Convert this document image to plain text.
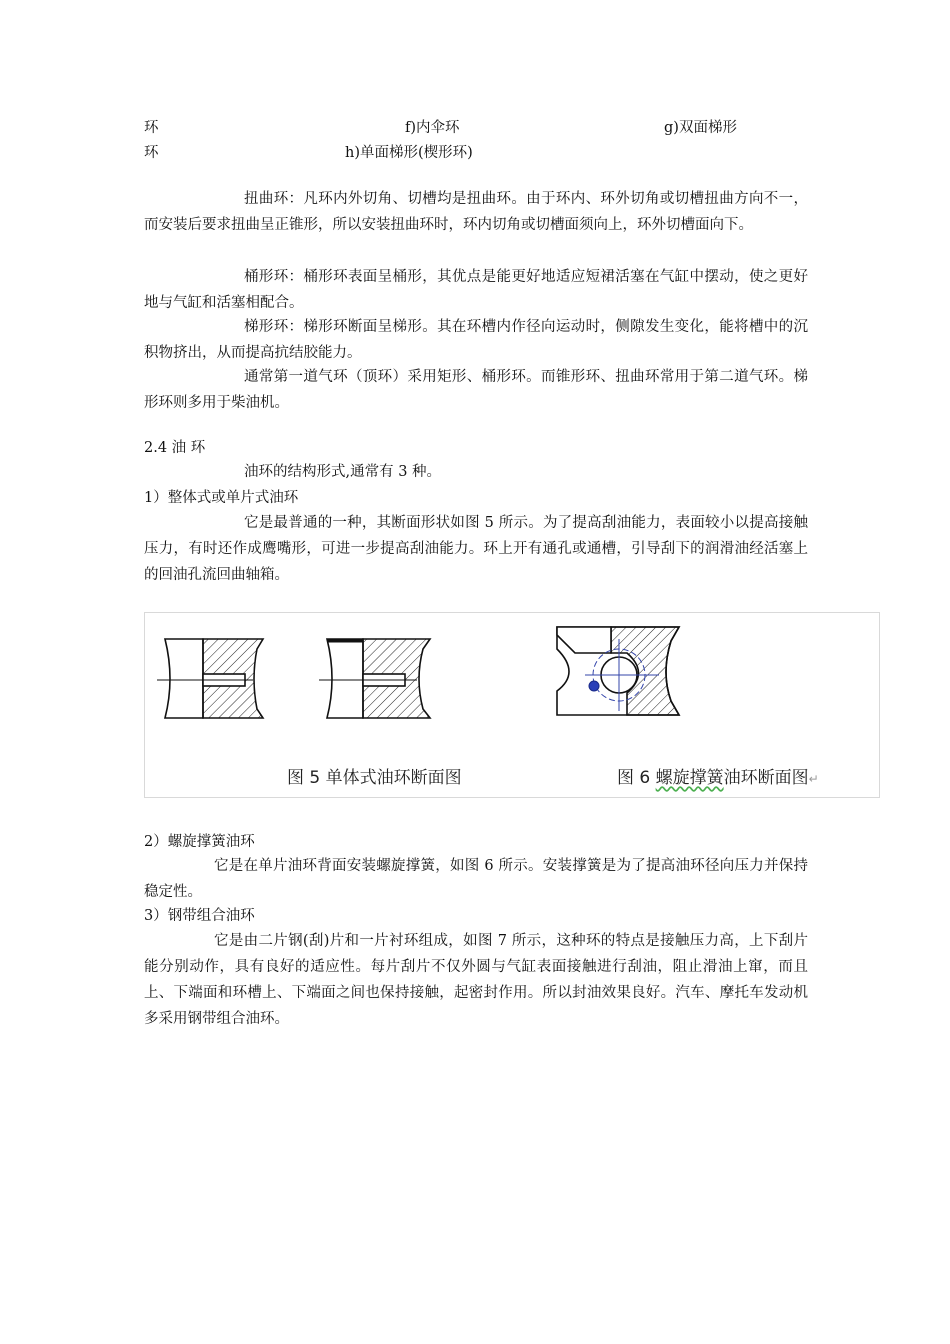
环	f)内伞环	g)双面梯形
环	h)单面梯形(楔形环)
扭曲环：凡环内外切角、切槽均是扭曲环。由于环内、环外切角或切槽扭曲方向不一，而安装后要求扭曲呈正锥形，所以安装扭曲环时，环内切角或切槽面须向上，环外切槽面向下。
桶形环：桶形环表面呈桶形，其优点是能更好地适应短裙活塞在气缸中摆动，使之更好地与气缸和活塞相配合。
梯形环：梯形环断面呈梯形。其在环槽内作径向运动时，侧隙发生变化，能将槽中的沉积物挤出，从而提高抗结胶能力。
通常第一道气环（顶环）采用矩形、桶形环。而锥形环、扭曲环常用于第二道气环。梯形环则多用于柴油机。
2.4 油 环
油环的结构形式,通常有 3 种。
1）整体式或单片式油环
它是最普通的一种，其断面形状如图 5 所示。为了提高刮油能力，表面较小以提高接触压力，有时还作成鹰嘴形，可进一步提高刮油能力。环上开有通孔或通槽，引导刮下的润滑油经活塞上的回油孔流回曲轴箱。
图 5 单体式油环断面图	图 6 螺旋撑簧油环断面图↵
2）螺旋撑簧油环
它是在单片油环背面安装螺旋撑簧，如图 6 所示。安装撑簧是为了提高油环径向压力并保持稳定性。
3）钢带组合油环
它是由二片钢(刮)片和一片衬环组成，如图 7 所示，这种环的特点是接触压力高，上下刮片能分别动作，具有良好的适应性。每片刮片不仅外圆与气缸表面接触进行刮油，阻止滑油上窜，而且上、下端面和环槽上、下端面之间也保持接触，起密封作用。所以封油效果良好。汽车、摩托车发动机多采用钢带组合油环。
